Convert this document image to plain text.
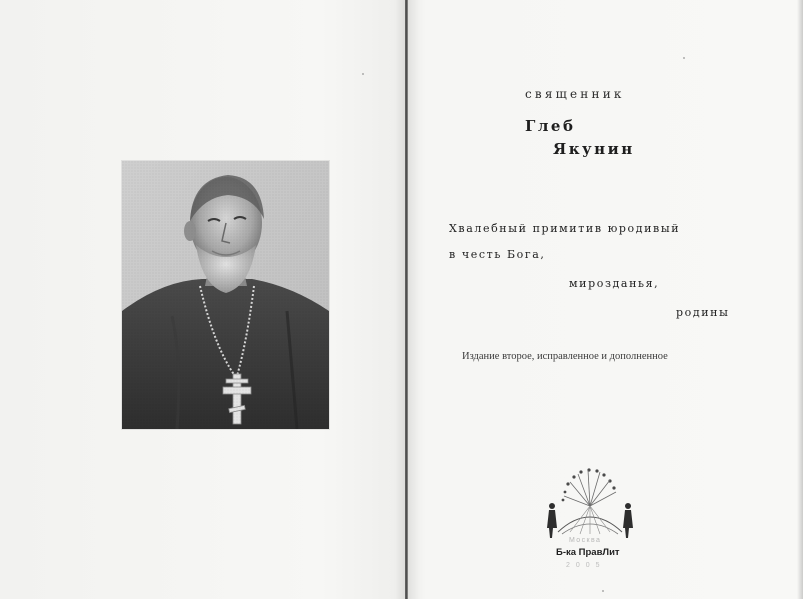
священник
Глеб
Якунин
Хвалебный примитив юродивый
в честь Бога,
мирозданья,
родины
Издание второе, исправленное и дополненное
Москва
Б-ка ПравЛит
2005
